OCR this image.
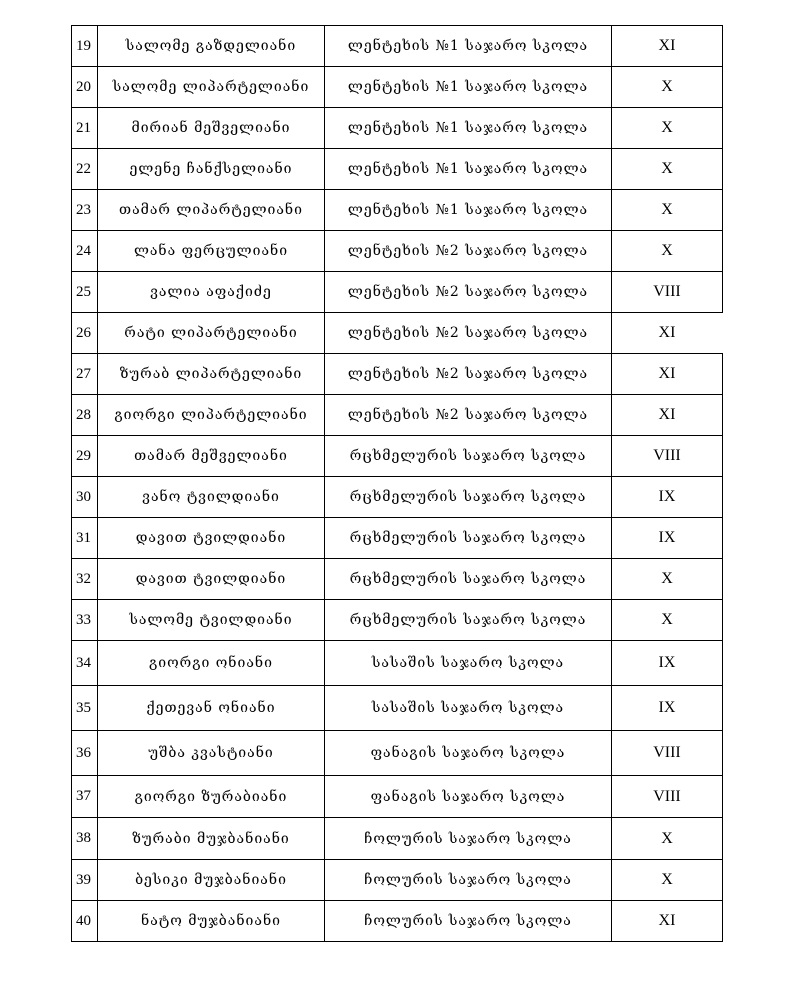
19	სალომე გაზდელიანი	ლენტეხის №1 საჯარო სკოლა	XI
20	სალომე ლიპარტელიანი	ლენტეხის №1 საჯარო სკოლა	X
21	მირიან მეშველიანი	ლენტეხის №1 საჯარო სკოლა	X
22	ელენე ჩანქსელიანი	ლენტეხის №1 საჯარო სკოლა	X
23	თამარ ლიპარტელიანი	ლენტეხის №1 საჯარო სკოლა	X
24	ლანა ფერცულიანი	ლენტეხის №2 საჯარო სკოლა	X
25	ვალია აფაქიძე	ლენტეხის №2 საჯარო სკოლა	VIII
26	რატი ლიპარტელიანი	ლენტეხის №2 საჯარო სკოლა	XI
27	ზურაბ ლიპარტელიანი	ლენტეხის №2 საჯარო სკოლა	XI
28	გიორგი ლიპარტელიანი	ლენტეხის №2 საჯარო სკოლა	XI
29	თამარ მეშველიანი	რცხმელურის საჯარო სკოლა	VIII
30	ვანო ტვილდიანი	რცხმელურის საჯარო სკოლა	IX
31	დავით ტვილდიანი	რცხმელურის საჯარო სკოლა	IX
32	დავით ტვილდიანი	რცხმელურის საჯარო სკოლა	X
33	სალომე ტვილდიანი	რცხმელურის საჯარო სკოლა	X
34	გიორგი ონიანი	სასაშის საჯარო სკოლა	IX
35	ქეთევან ონიანი	სასაშის საჯარო სკოლა	IX
36	უშბა კვასტიანი	ფანაგის საჯარო სკოლა	VIII
37	გიორგი ზურაბიანი	ფანაგის საჯარო სკოლა	VIII
38	ზურაბი მუჯბანიანი	ჩოლურის საჯარო სკოლა	X
39	ბესიკი მუჯბანიანი	ჩოლურის საჯარო სკოლა	X
40	ნატო მუჯბანიანი	ჩოლურის საჯარო სკოლა	XI
